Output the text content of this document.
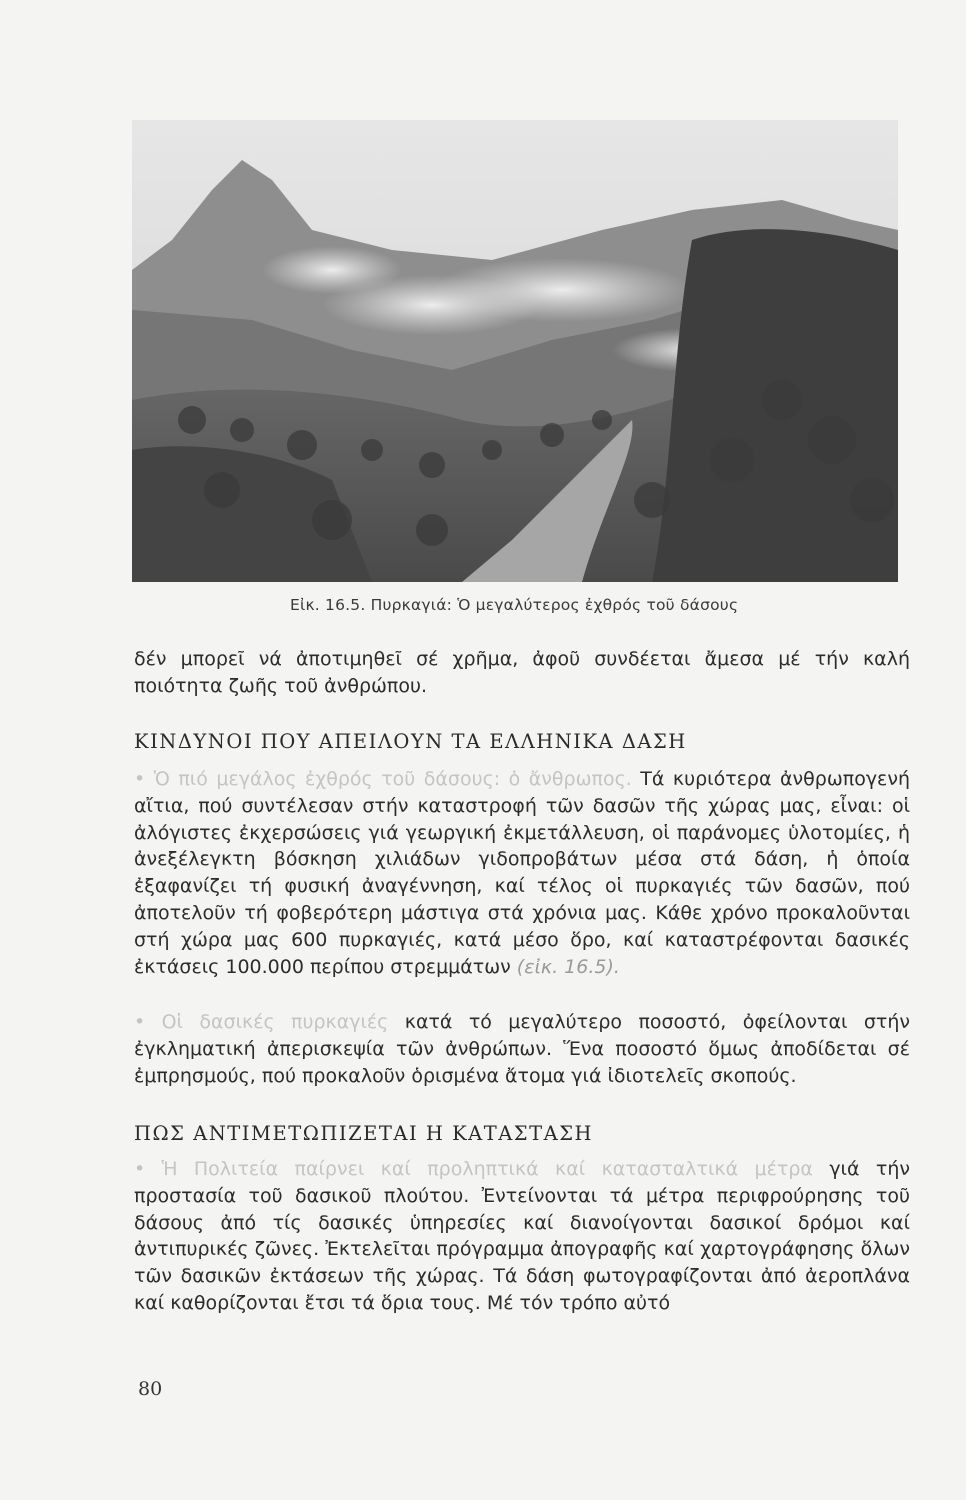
Εἰκ. 16.5. Πυρκαγιά: Ὁ μεγαλύτερος ἐχθρός τοῦ δάσους

δέν μπορεῖ νά ἀποτιμηθεῖ σέ χρῆμα, ἀφοῦ συνδέεται ἄμεσα μέ τήν καλή ποιότητα ζωῆς τοῦ ἀνθρώπου.

ΚΙΝΔΥΝΟΙ ΠΟΥ ΑΠΕΙΛΟΥΝ ΤΑ ΕΛΛΗΝΙΚΑ ΔΑΣΗ

• Ὁ πιό μεγάλος ἐχθρός τοῦ δάσους: ὁ ἄνθρωπος. Τά κυριότερα ἀνθρωπογενή αἴτια, πού συντέλεσαν στήν καταστροφή τῶν δασῶν τῆς χώρας μας, εἶναι: οἱ ἀλόγιστες ἐκχερσώσεις γιά γεωργική ἐκμετάλλευση, οἱ παράνομες ὑλοτομίες, ἡ ἀνεξέλεγκτη βόσκηση χιλιάδων γιδοπροβάτων μέσα στά δάση, ἡ ὁποία ἐξαφανίζει τή φυσική ἀναγέννηση, καί τέλος οἱ πυρκαγιές τῶν δασῶν, πού ἀποτελοῦν τή φοβερότερη μάστιγα στά χρόνια μας. Κάθε χρόνο προκαλοῦνται στή χώρα μας 600 πυρκαγιές, κατά μέσο ὅρο, καί καταστρέφονται δασικές ἐκτάσεις 100.000 περίπου στρεμμάτων (εἰκ. 16.5).

• Οἱ δασικές πυρκαγιές κατά τό μεγαλύτερο ποσοστό, ὀφείλονται στήν ἐγκληματική ἀπερισκεψία τῶν ἀνθρώπων. Ἕνα ποσοστό ὅμως ἀποδίδεται σέ ἐμπρησμούς, πού προκαλοῦν ὁρισμένα ἄτομα γιά ἰδιοτελεῖς σκοπούς.

ΠΩΣ ΑΝΤΙΜΕΤΩΠΙΖΕΤΑΙ Η ΚΑΤΑΣΤΑΣΗ

• Ἡ Πολιτεία παίρνει καί προληπτικά καί κατασταλτικά μέτρα γιά τήν προστασία τοῦ δασικοῦ πλούτου. Ἐντείνονται τά μέτρα περιφρούρησης τοῦ δάσους ἀπό τίς δασικές ὑπηρεσίες καί διανοίγονται δασικοί δρόμοι καί ἀντιπυρικές ζῶνες. Ἐκτελεῖται πρόγραμμα ἀπογραφῆς καί χαρτογράφησης ὅλων τῶν δασικῶν ἐκτάσεων τῆς χώρας. Τά δάση φωτογραφίζονται ἀπό ἀεροπλάνα καί καθορίζονται ἔτσι τά ὅρια τους. Μέ τόν τρόπο αὐτό

80
